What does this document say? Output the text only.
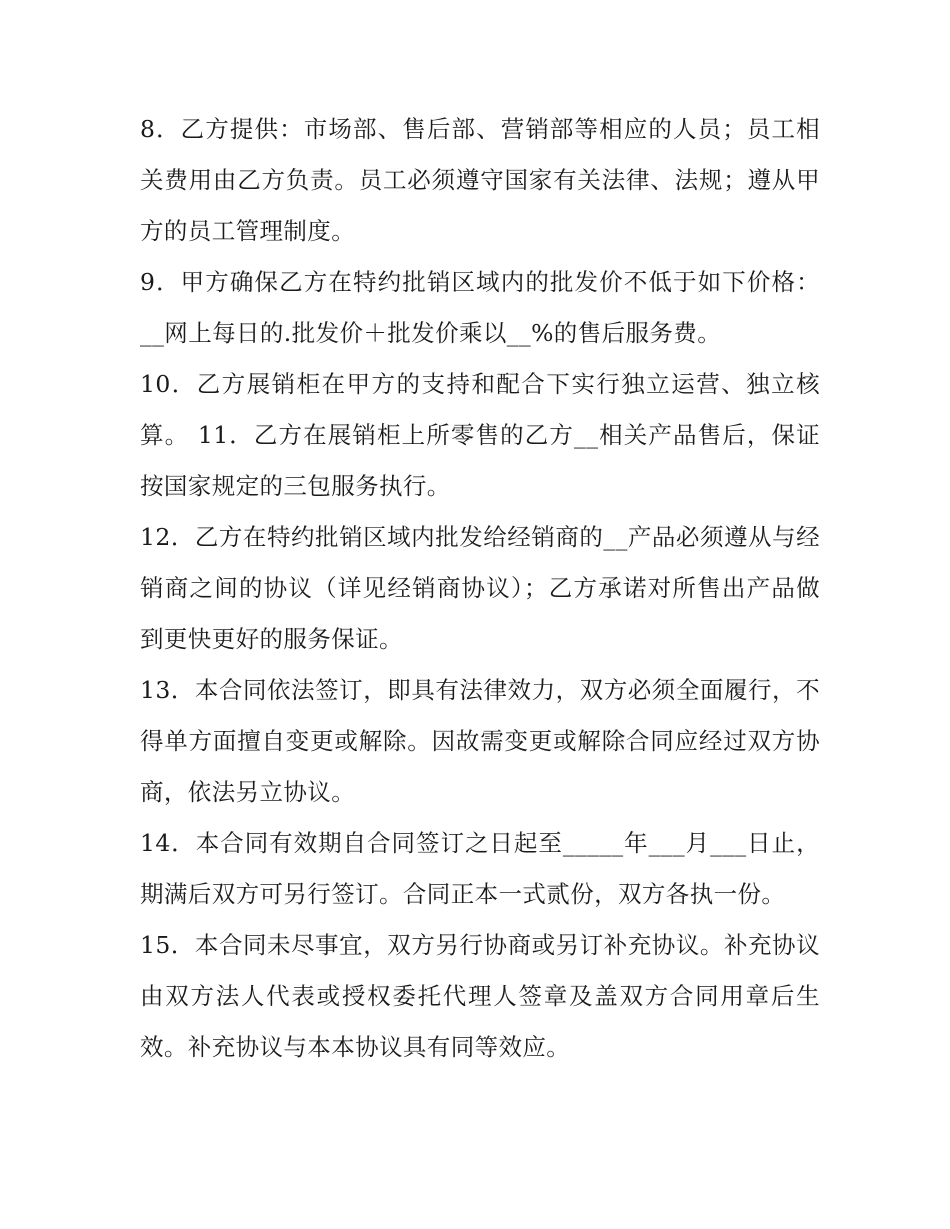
8．乙方提供：市场部、售后部、营销部等相应的人员；员工相关费用由乙方负责。员工必须遵守国家有关法律、法规；遵从甲方的员工管理制度。

9．甲方确保乙方在特约批销区域内的批发价不低于如下价格：__网上每日的.批发价＋批发价乘以__%的售后服务费。

10．乙方展销柜在甲方的支持和配合下实行独立运营、独立核算。 11．乙方在展销柜上所零售的乙方__相关产品售后，保证按国家规定的三包服务执行。

12．乙方在特约批销区域内批发给经销商的__产品必须遵从与经销商之间的协议（详见经销商协议）；乙方承诺对所售出产品做到更快更好的服务保证。

13．本合同依法签订，即具有法律效力，双方必须全面履行，不得单方面擅自变更或解除。因故需变更或解除合同应经过双方协商，依法另立协议。

14．本合同有效期自合同签订之日起至_____年___月___日止，期满后双方可另行签订。合同正本一式贰份，双方各执一份。

15．本合同未尽事宜，双方另行协商或另订补充协议。补充协议由双方法人代表或授权委托代理人签章及盖双方合同用章后生效。补充协议与本本协议具有同等效应。
